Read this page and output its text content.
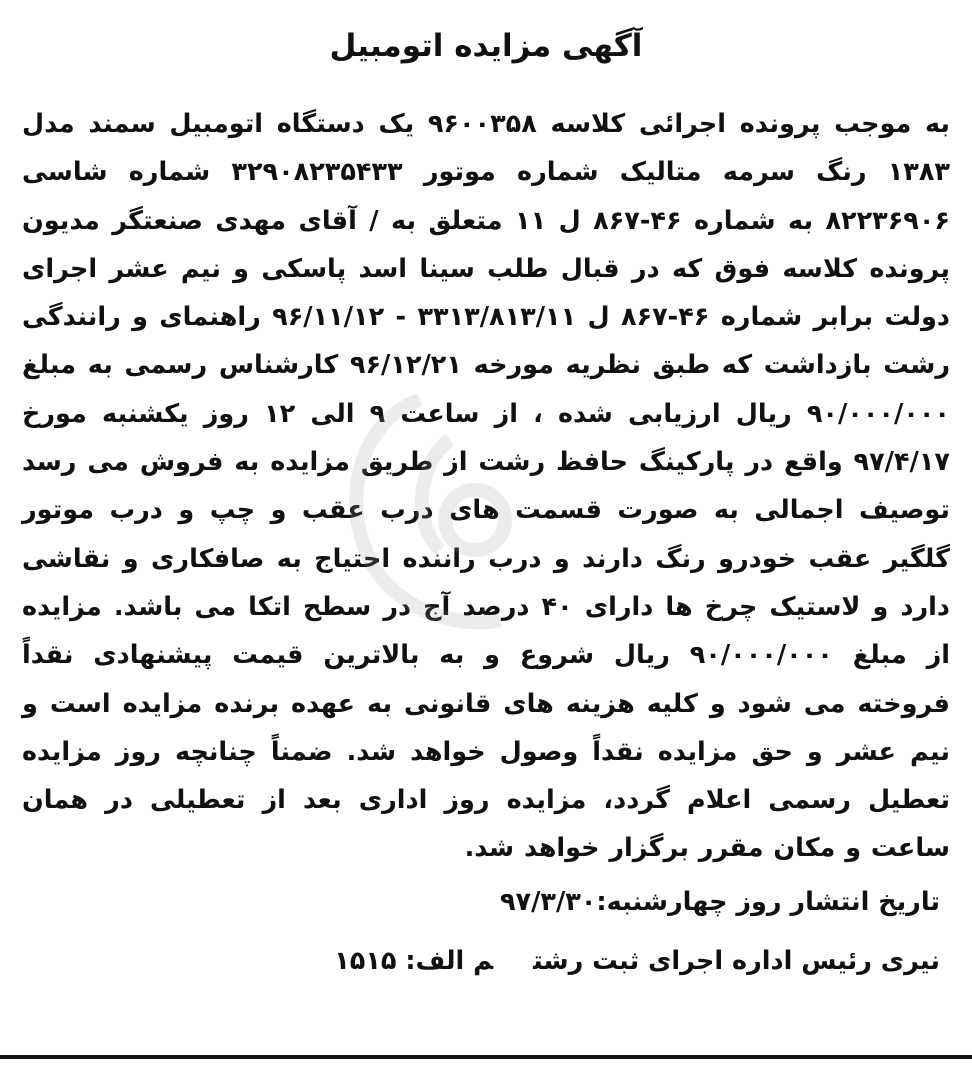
آگهی مزایده اتومبیل
به موجب پرونده اجرائی کلاسه ۹۶۰۰۳۵۸ یک دستگاه اتومبیل سمند مدل ۱۳۸۳ رنگ سرمه متالیک شماره موتور ۳۲۹۰۸۲۳۵۴۳۳ شماره شاسی ۸۲۲۳۶۹۰۶ به شماره ۴۶-۸۶۷ ل ۱۱ متعلق به / آقای مهدی صنعتگر مدیون پرونده کلاسه فوق که در قبال طلب سینا اسد پاسکی و نیم عشر اجرای دولت برابر شماره ۴۶-۸۶۷ ل ۳۳۱۳/۸۱۳/۱۱ - ۹۶/۱۱/۱۲ راهنمای و رانندگی رشت بازداشت که طبق نظریه مورخه ۹۶/۱۲/۲۱ کارشناس رسمی به مبلغ ۹۰/۰۰۰/۰۰۰ ریال ارزیابی شده ، از ساعت ۹ الی ۱۲ روز یکشنبه مورخ ۹۷/۴/۱۷ واقع در پارکینگ حافظ رشت از طریق مزایده به فروش می رسد توصیف اجمالی به صورت قسمت های درب عقب و چپ و درب موتور گلگیر عقب خودرو رنگ دارند و درب راننده احتیاج به صافکاری و نقاشی دارد و لاستیک چرخ ها دارای ۴۰ درصد آج در سطح اتکا می باشد. مزایده از مبلغ ۹۰/۰۰۰/۰۰۰ ریال شروع و به بالاترین قیمت پیشنهادی نقداً فروخته می شود و کلیه هزینه های قانونی به عهده برنده مزایده است و نیم عشر و حق مزایده نقداً وصول خواهد شد. ضمناً چنانچه روز مزایده تعطیل رسمی اعلام گردد، مزایده روز اداری بعد از تعطیلی در همان ساعت و مکان مقرر برگزار خواهد شد.
تاریخ انتشار روز چهارشنبه:۹۷/۳/۳۰
نیری رئیس اداره اجرای ثبت رشتم الف: ۱۵۱۵
